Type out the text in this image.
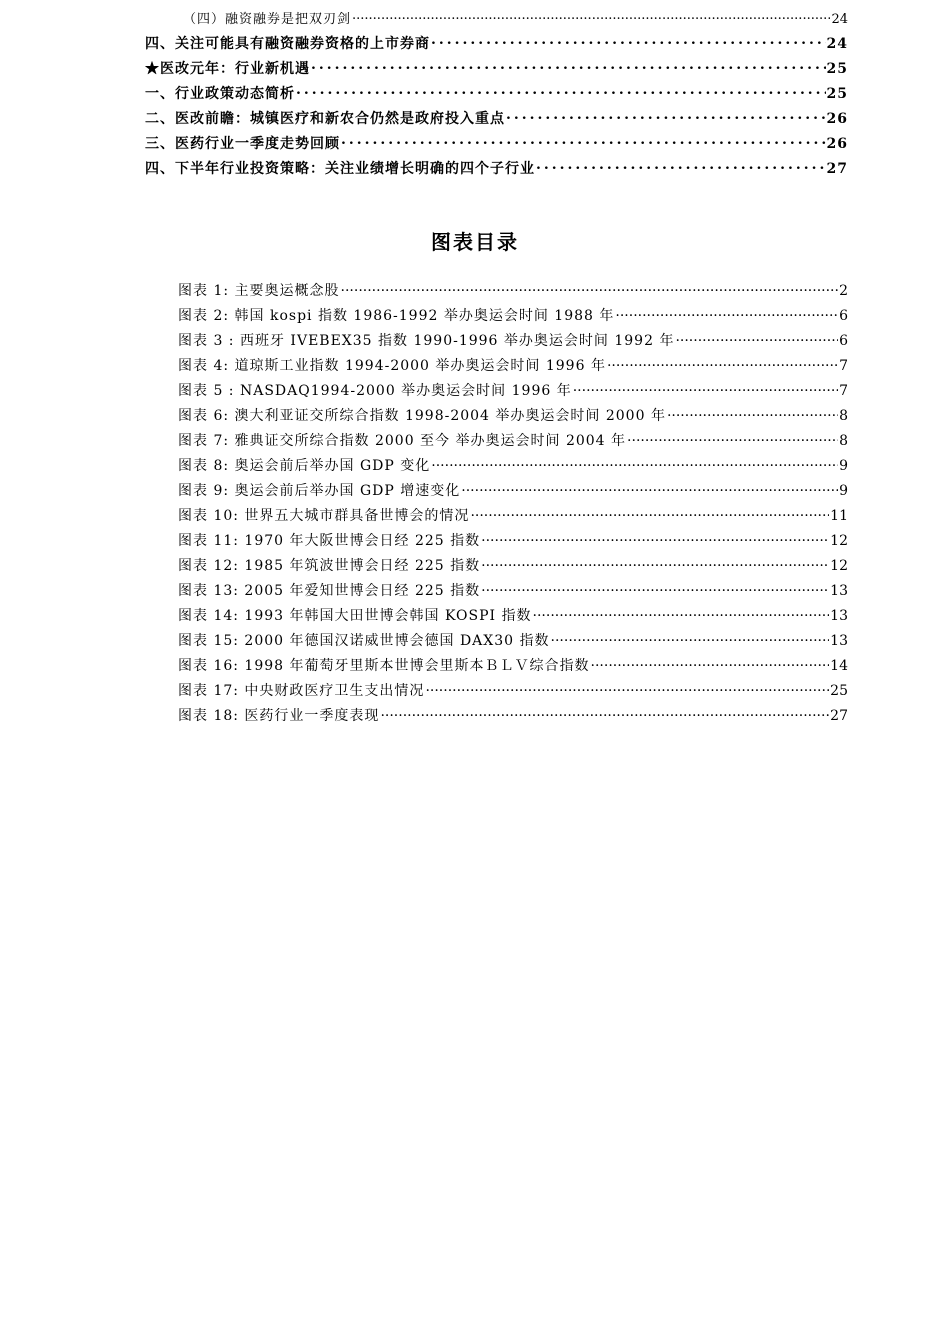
（四）融资融券是把双刃剑 .....	24
四、关注可能具有融资融券资格的上市券商 .....	24
★医改元年：行业新机遇 .....	25
一、行业政策动态简析 .....	25
二、医改前瞻：城镇医疗和新农合仍然是政府投入重点 .....	26
三、医药行业一季度走势回顾 .....	26
四、下半年行业投资策略：关注业绩增长明确的四个子行业 .....	27
图表目录
图表 1: 主要奥运概念股 .....	2
图表 2: 韩国 kospi 指数 1986-1992 举办奥运会时间 1988 年 .....	6
图表 3 : 西班牙 IVEBEX35 指数 1990-1996 举办奥运会时间 1992 年 .....	6
图表 4: 道琼斯工业指数 1994-2000 举办奥运会时间 1996 年 .....	7
图表 5 : NASDAQ1994-2000 举办奥运会时间 1996 年 .....	7
图表 6: 澳大利亚证交所综合指数 1998-2004 举办奥运会时间 2000 年 .....	8
图表 7: 雅典证交所综合指数 2000 至今 举办奥运会时间 2004 年 .....	8
图表 8: 奥运会前后举办国 GDP 变化 .....	9
图表 9: 奥运会前后举办国 GDP 增速变化 .....	9
图表 10: 世界五大城市群具备世博会的情况 .....	11
图表 11: 1970 年大阪世博会日经 225 指数 .....	12
图表 12: 1985 年筑波世博会日经 225 指数 .....	12
图表 13: 2005 年爱知世博会日经 225 指数 .....	13
图表 14: 1993 年韩国大田世博会韩国 KOSPI 指数 .....	13
图表 15: 2000 年德国汉诺威世博会德国 DAX30 指数 .....	13
图表 16: 1998 年葡萄牙里斯本世博会里斯本ＢＬＶ综合指数 .....	14
图表 17: 中央财政医疗卫生支出情况 .....	25
图表 18: 医药行业一季度表现 .....	27
